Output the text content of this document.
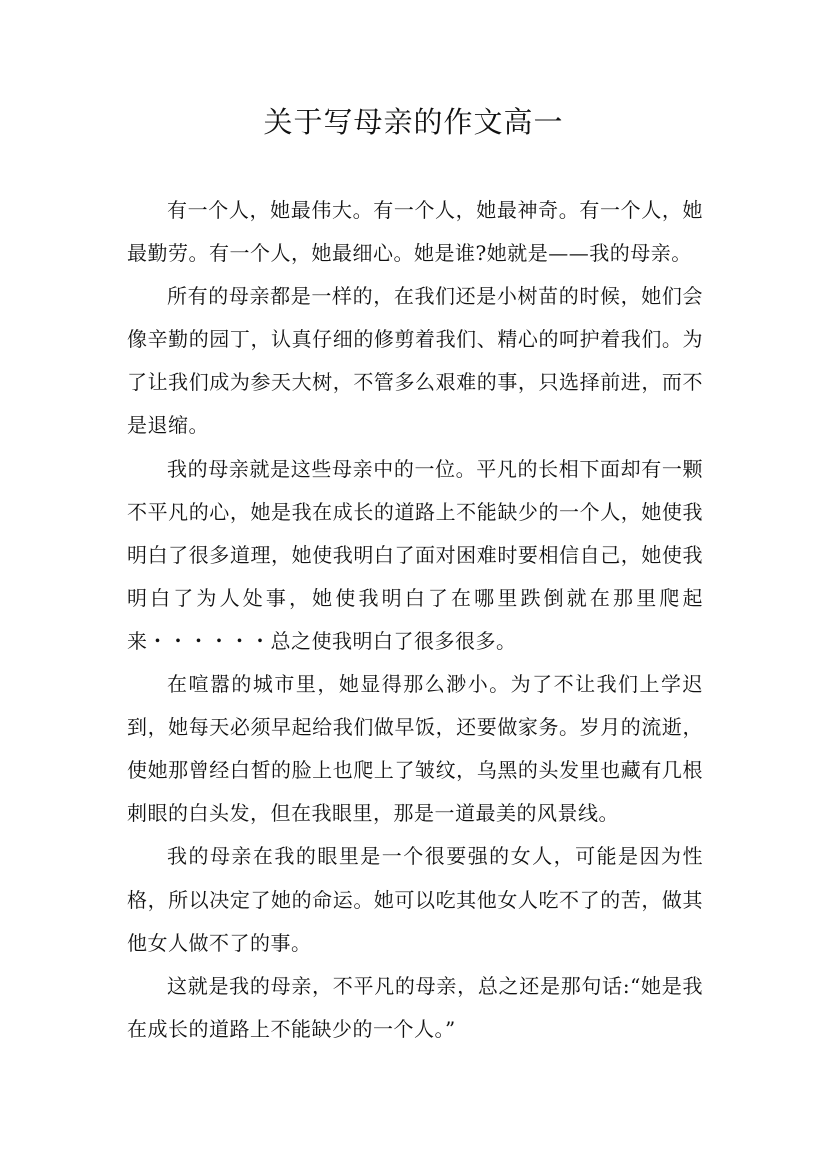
关于写母亲的作文高一

有一个人，她最伟大。有一个人，她最神奇。有一个人，她最勤劳。有一个人，她最细心。她是谁?她就是——我的母亲。

所有的母亲都是一样的，在我们还是小树苗的时候，她们会像辛勤的园丁，认真仔细的修剪着我们、精心的呵护着我们。为了让我们成为参天大树，不管多么艰难的事，只选择前进，而不是退缩。

我的母亲就是这些母亲中的一位。平凡的长相下面却有一颗不平凡的心，她是我在成长的道路上不能缺少的一个人，她使我明白了很多道理，她使我明白了面对困难时要相信自己，她使我明白了为人处事，她使我明白了在哪里跌倒就在那里爬起来・・・・・・总之使我明白了很多很多。

在喧嚣的城市里，她显得那么渺小。为了不让我们上学迟到，她每天必须早起给我们做早饭，还要做家务。岁月的流逝，使她那曾经白皙的脸上也爬上了皱纹，乌黑的头发里也藏有几根刺眼的白头发，但在我眼里，那是一道最美的风景线。

我的母亲在我的眼里是一个很要强的女人，可能是因为性格，所以决定了她的命运。她可以吃其他女人吃不了的苦，做其他女人做不了的事。

这就是我的母亲，不平凡的母亲，总之还是那句话:“她是我在成长的道路上不能缺少的一个人。”
